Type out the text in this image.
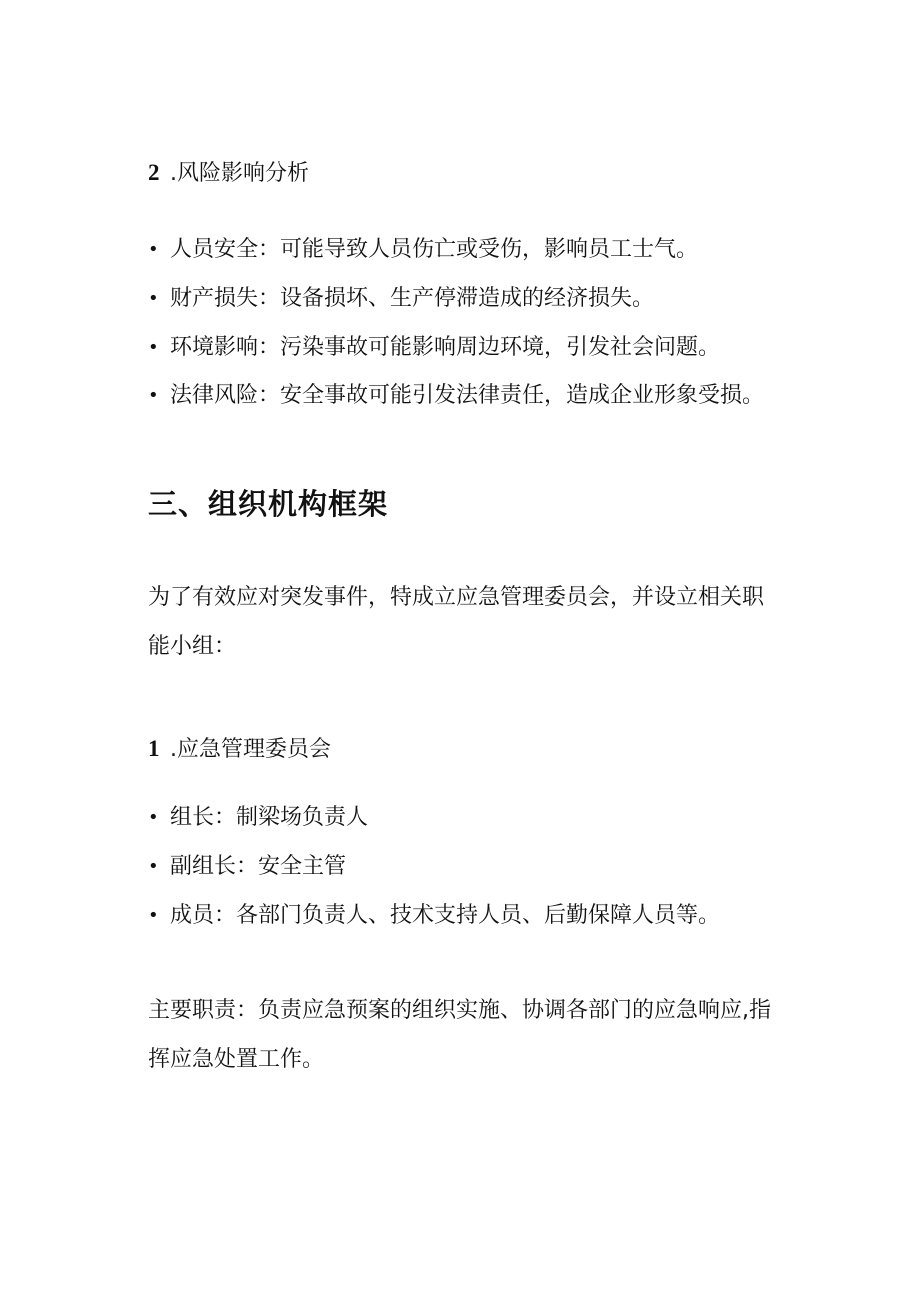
2 .风险影响分析
• 人员安全：可能导致人员伤亡或受伤，影响员工士气。
• 财产损失：设备损坏、生产停滞造成的经济损失。
• 环境影响：污染事故可能影响周边环境，引发社会问题。
• 法律风险：安全事故可能引发法律责任，造成企业形象受损。
三、组织机构框架
为了有效应对突发事件，特成立应急管理委员会，并设立相关职
能小组：
1 .应急管理委员会
• 组长：制梁场负责人
• 副组长：安全主管
• 成员：各部门负责人、技术支持人员、后勤保障人员等。
主要职责：负责应急预案的组织实施、协调各部门的应急响应,指
挥应急处置工作。
